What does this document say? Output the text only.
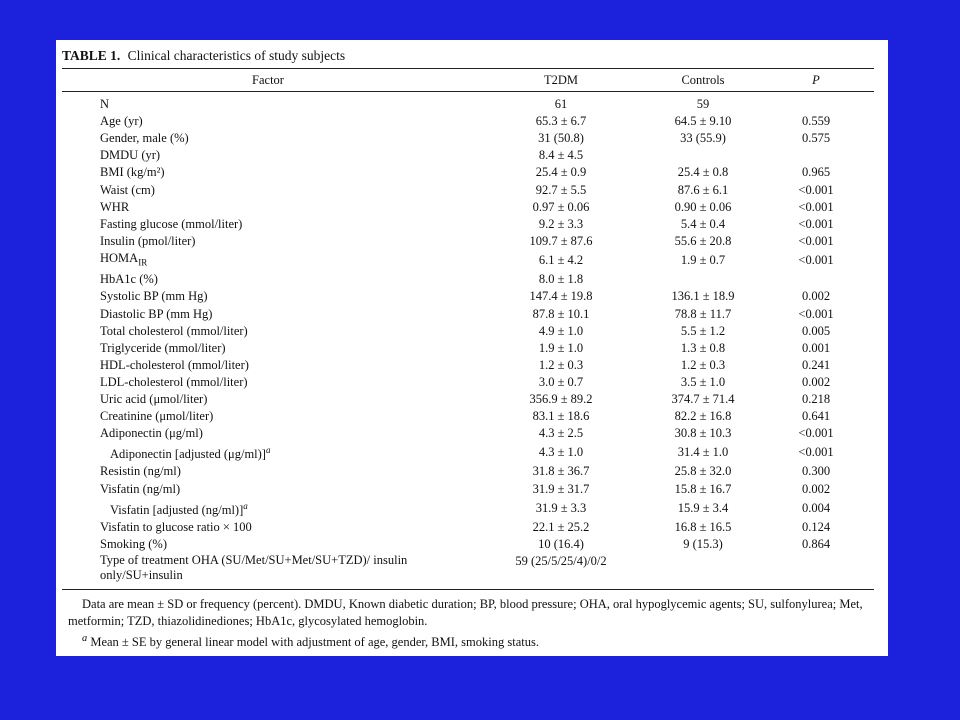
TABLE 1. Clinical characteristics of study subjects
Factor	T2DM	Controls	P
N	61	59	
Age (yr)	65.3 ± 6.7	64.5 ± 9.10	0.559
Gender, male (%)	31 (50.8)	33 (55.9)	0.575
DMDU (yr)	8.4 ± 4.5		
BMI (kg/m²)	25.4 ± 0.9	25.4 ± 0.8	0.965
Waist (cm)	92.7 ± 5.5	87.6 ± 6.1	<0.001
WHR	0.97 ± 0.06	0.90 ± 0.06	<0.001
Fasting glucose (mmol/liter)	9.2 ± 3.3	5.4 ± 0.4	<0.001
Insulin (pmol/liter)	109.7 ± 87.6	55.6 ± 20.8	<0.001
$HOMA_{IR}$	6.1 ± 4.2	1.9 ± 0.7	<0.001
HbA1c (%)	8.0 ± 1.8		
Systolic BP (mm Hg)	147.4 ± 19.8	136.1 ± 18.9	0.002
Diastolic BP (mm Hg)	87.8 ± 10.1	78.8 ± 11.7	<0.001
Total cholesterol (mmol/liter)	4.9 ± 1.0	5.5 ± 1.2	0.005
Triglyceride (mmol/liter)	1.9 ± 1.0	1.3 ± 0.8	0.001
HDL-cholesterol (mmol/liter)	1.2 ± 0.3	1.2 ± 0.3	0.241
LDL-cholesterol (mmol/liter)	3.0 ± 0.7	3.5 ± 1.0	0.002
Uric acid (μmol/liter)	356.9 ± 89.2	374.7 ± 71.4	0.218
Creatinine (μmol/liter)	83.1 ± 18.6	82.2 ± 16.8	0.641
Adiponectin (μg/ml)	4.3 ± 2.5	30.8 ± 10.3	<0.001
Adiponectin [adjusted (μg/ml)]$^a$	4.3 ± 1.0	31.4 ± 1.0	<0.001
Resistin (ng/ml)	31.8 ± 36.7	25.8 ± 32.0	0.300
Visfatin (ng/ml)	31.9 ± 31.7	15.8 ± 16.7	0.002
Visfatin [adjusted (ng/ml)]$^a$	31.9 ± 3.3	15.9 ± 3.4	0.004
Visfatin to glucose ratio × 100	22.1 ± 25.2	16.8 ± 16.5	0.124
Smoking (%)	10 (16.4)	9 (15.3)	0.864
Type of treatment OHA (SU/Met/SU+Met/SU+TZD)/ insulin only/SU+insulin	59 (25/5/25/4)/0/2		

Data are mean ± SD or frequency (percent). DMDU, Known diabetic duration; BP, blood pressure; OHA, oral hypoglycemic agents; SU, sulfonylurea; Met, metformin; TZD, thiazolidinediones; HbA1c, glycosylated hemoglobin.

$^a$ Mean ± SE by general linear model with adjustment of age, gender, BMI, smoking status.
